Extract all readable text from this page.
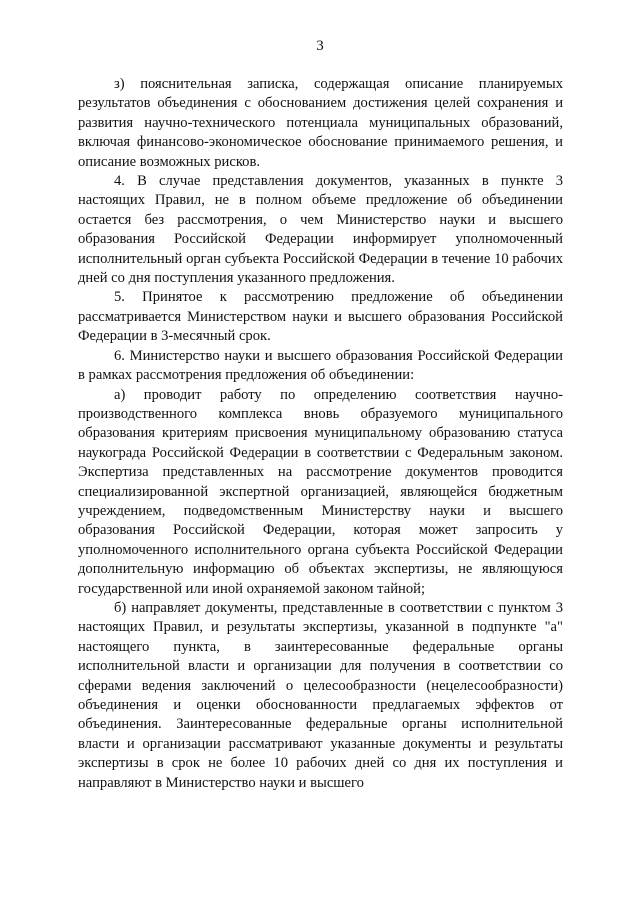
3

з) пояснительная записка, содержащая описание планируемых результатов объединения с обоснованием достижения целей сохранения и развития научно-технического потенциала муниципальных образований, включая финансово-экономическое обоснование принимаемого решения, и описание возможных рисков.

4. В случае представления документов, указанных в пункте 3 настоящих Правил, не в полном объеме предложение об объединении остается без рассмотрения, о чем Министерство науки и высшего образования Российской Федерации информирует уполномоченный исполнительный орган субъекта Российской Федерации в течение 10 рабочих дней со дня поступления указанного предложения.

5. Принятое к рассмотрению предложение об объединении рассматривается Министерством науки и высшего образования Российской Федерации в 3-месячный срок.

6. Министерство науки и высшего образования Российской Федерации в рамках рассмотрения предложения об объединении:

а) проводит работу по определению соответствия научно-производственного комплекса вновь образуемого муниципального образования критериям присвоения муниципальному образованию статуса наукограда Российской Федерации в соответствии с Федеральным законом. Экспертиза представленных на рассмотрение документов проводится специализированной экспертной организацией, являющейся бюджетным учреждением, подведомственным Министерству науки и высшего образования Российской Федерации, которая может запросить у уполномоченного исполнительного органа субъекта Российской Федерации дополнительную информацию об объектах экспертизы, не являющуюся государственной или иной охраняемой законом тайной;

б) направляет документы, представленные в соответствии с пунктом 3 настоящих Правил, и результаты экспертизы, указанной в подпункте "а" настоящего пункта, в заинтересованные федеральные органы исполнительной власти и организации для получения в соответствии со сферами ведения заключений о целесообразности (нецелесообразности) объединения и оценки обоснованности предлагаемых эффектов от объединения. Заинтересованные федеральные органы исполнительной власти и организации рассматривают указанные документы и результаты экспертизы в срок не более 10 рабочих дней со дня их поступления и направляют в Министерство науки и высшего
